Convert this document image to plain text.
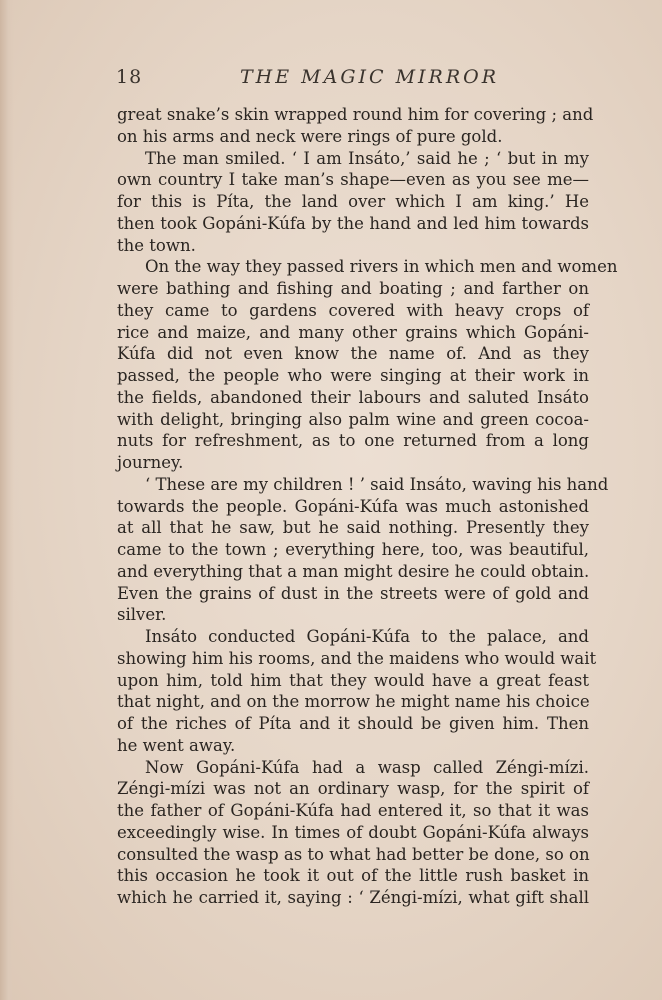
18	THE MAGIC MIRROR
great snake’s skin wrapped round him for covering ; and
on his arms and neck were rings of pure gold.
The man smiled. ‘ I am Insáto,’ said he ; ‘ but in my
own country I take man’s shape—even as you see me—
for this is Píta, the land over which I am king.’ He
then took Gopáni-Kúfa by the hand and led him towards
the town.
On the way they passed rivers in which men and women
were bathing and fishing and boating ; and farther on
they came to gardens covered with heavy crops of
rice and maize, and many other grains which Gopáni-
Kúfa did not even know the name of. And as they
passed, the people who were singing at their work in
the fields, abandoned their labours and saluted Insáto
with delight, bringing also palm wine and green cocoa-
nuts for refreshment, as to one returned from a long
journey.
‘ These are my children ! ’ said Insáto, waving his hand
towards the people. Gopáni-Kúfa was much astonished
at all that he saw, but he said nothing. Presently they
came to the town ; everything here, too, was beautiful,
and everything that a man might desire he could obtain.
Even the grains of dust in the streets were of gold and
silver.
Insáto conducted Gopáni-Kúfa to the palace, and
showing him his rooms, and the maidens who would wait
upon him, told him that they would have a great feast
that night, and on the morrow he might name his choice
of the riches of Píta and it should be given him. Then
he went away.
Now Gopáni-Kúfa had a wasp called Zéngi-mízi.
Zéngi-mízi was not an ordinary wasp, for the spirit of
the father of Gopáni-Kúfa had entered it, so that it was
exceedingly wise. In times of doubt Gopáni-Kúfa always
consulted the wasp as to what had better be done, so on
this occasion he took it out of the little rush basket in
which he carried it, saying : ‘ Zéngi-mízi, what gift shall
